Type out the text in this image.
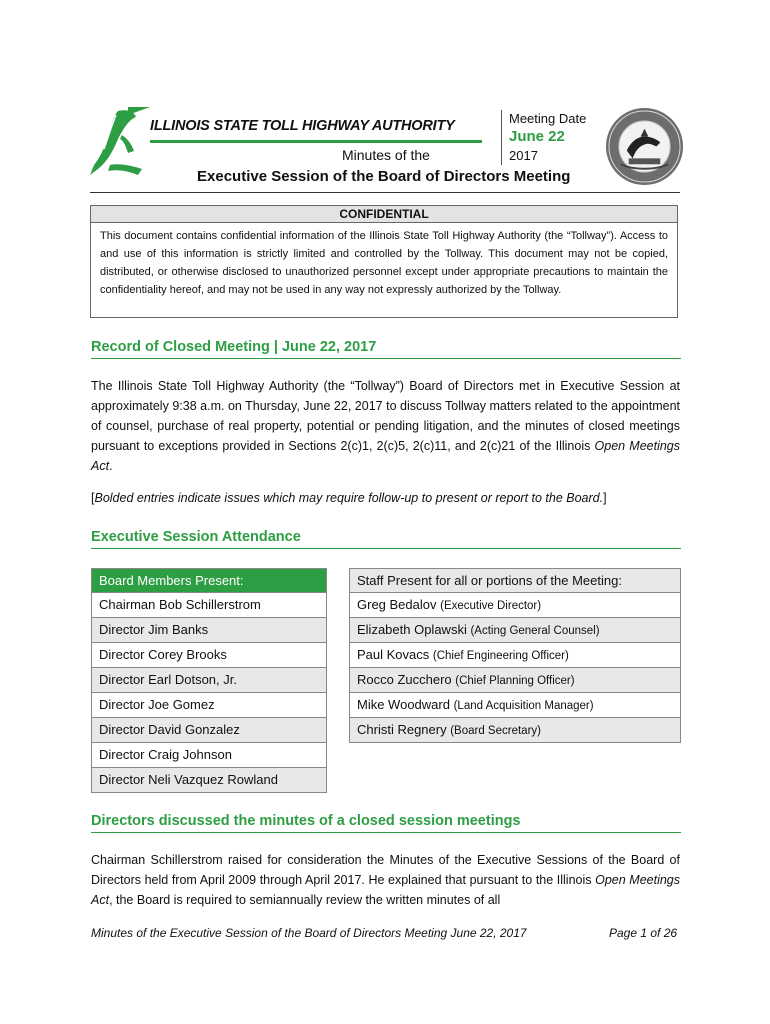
ILLINOIS STATE TOLL HIGHWAY AUTHORITY
Minutes of the
Meeting Date
June 22
2017
Executive Session of the Board of Directors Meeting
CONFIDENTIAL
This document contains confidential information of the Illinois State Toll Highway Authority (the “Tollway”). Access to and use of this information is strictly limited and controlled by the Tollway. This document may not be copied, distributed, or otherwise disclosed to unauthorized personnel except under appropriate precautions to maintain the confidentiality hereof, and may not be used in any way not expressly authorized by the Tollway.
Record of Closed Meeting | June 22, 2017
The Illinois State Toll Highway Authority (the “Tollway”) Board of Directors met in Executive Session at approximately 9:38 a.m. on Thursday, June 22, 2017 to discuss Tollway matters related to the appointment of counsel, purchase of real property, potential or pending litigation, and the minutes of closed meetings pursuant to exceptions provided in Sections 2(c)1, 2(c)5, 2(c)11, and 2(c)21 of the Illinois Open Meetings Act.
[Bolded entries indicate issues which may require follow-up to present or report to the Board.]
Executive Session Attendance
Board Members Present:
Chairman Bob Schillerstrom
Director Jim Banks
Director Corey Brooks
Director Earl Dotson, Jr.
Director Joe Gomez
Director David Gonzalez
Director Craig Johnson
Director Neli Vazquez Rowland
Staff Present for all or portions of the Meeting:
Greg Bedalov (Executive Director)
Elizabeth Oplawski (Acting General Counsel)
Paul Kovacs (Chief Engineering Officer)
Rocco Zucchero (Chief Planning Officer)
Mike Woodward (Land Acquisition Manager)
Christi Regnery (Board Secretary)
Directors discussed the minutes of a closed session meetings
Chairman Schillerstrom raised for consideration the Minutes of the Executive Sessions of the Board of Directors held from April 2009 through April 2017. He explained that pursuant to the Illinois Open Meetings Act, the Board is required to semiannually review the written minutes of all
Minutes of the Executive Session of the Board of Directors Meeting June 22, 2017	Page 1 of 26
